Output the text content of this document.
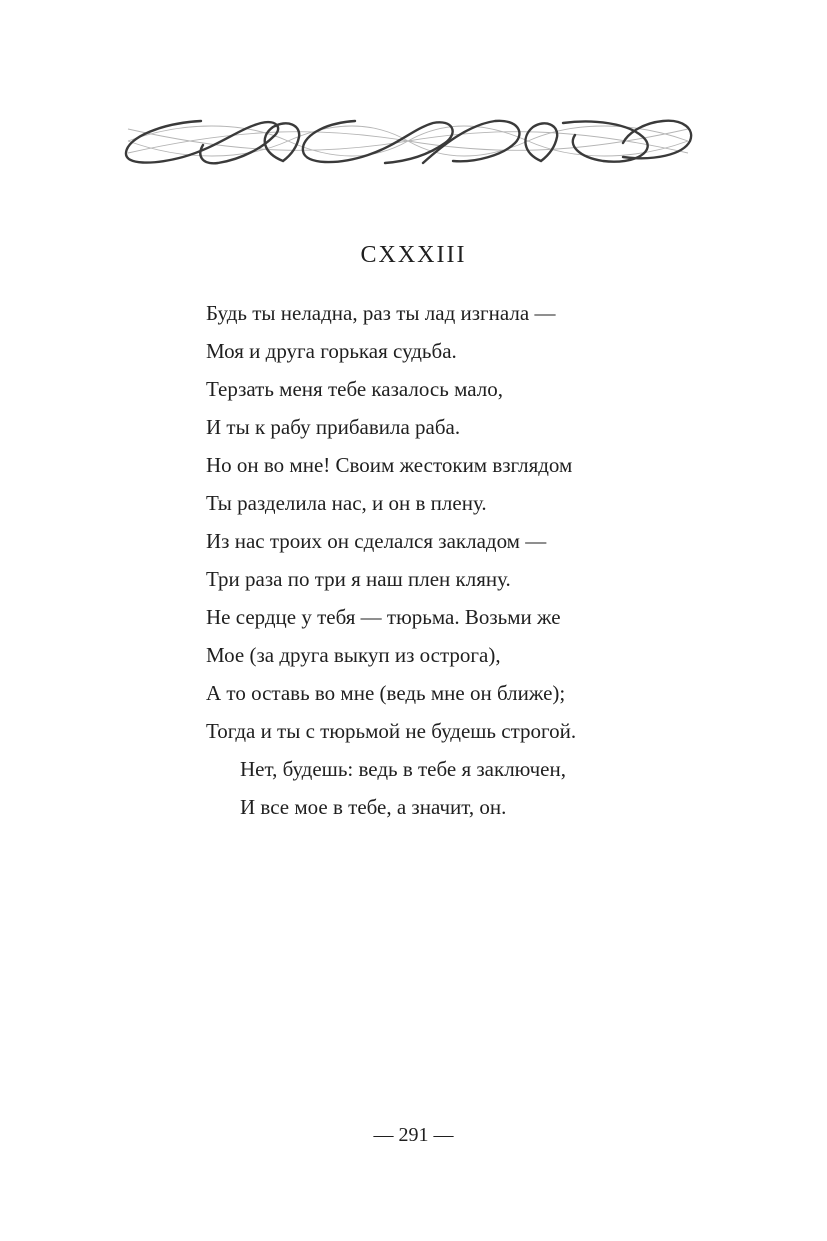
CXXXIII
Будь ты неладна, раз ты лад изгнала —
Моя и друга горькая судьба.
Терзать меня тебе казалось мало,
И ты к рабу прибавила раба.
Но он во мне! Своим жестоким взглядом
Ты разделила нас, и он в плену.
Из нас троих он сделался закладом —
Три раза по три я наш плен кляну.
Не сердце у тебя — тюрьма. Возьми же
Мое (за друга выкуп из острога),
А то оставь во мне (ведь мне он ближе);
Тогда и ты с тюрьмой не будешь строгой.
Нет, будешь: ведь в тебе я заключен,
И все мое в тебе, а значит, он.
— 291 —
